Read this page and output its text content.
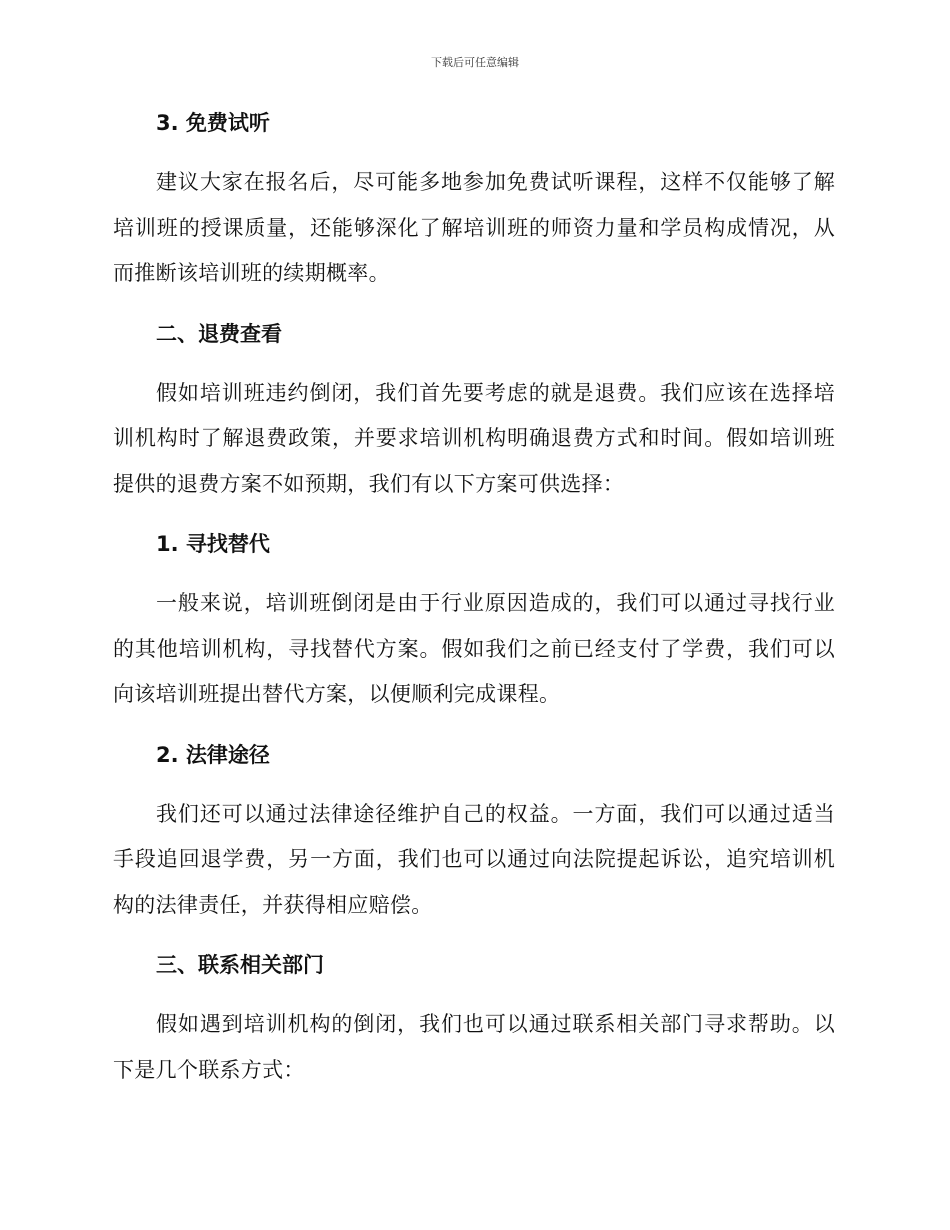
下载后可任意编辑
3. 免费试听

建议大家在报名后，尽可能多地参加免费试听课程，这样不仅能够了解培训班的授课质量，还能够深化了解培训班的师资力量和学员构成情况，从而推断该培训班的续期概率。

二、退费查看

假如培训班违约倒闭，我们首先要考虑的就是退费。我们应该在选择培训机构时了解退费政策，并要求培训机构明确退费方式和时间。假如培训班提供的退费方案不如预期，我们有以下方案可供选择：

1. 寻找替代

一般来说，培训班倒闭是由于行业原因造成的，我们可以通过寻找行业的其他培训机构，寻找替代方案。假如我们之前已经支付了学费，我们可以向该培训班提出替代方案，以便顺利完成课程。

2. 法律途径

我们还可以通过法律途径维护自己的权益。一方面，我们可以通过适当手段追回退学费，另一方面，我们也可以通过向法院提起诉讼，追究培训机构的法律责任，并获得相应赔偿。

三、联系相关部门

假如遇到培训机构的倒闭，我们也可以通过联系相关部门寻求帮助。以下是几个联系方式：
